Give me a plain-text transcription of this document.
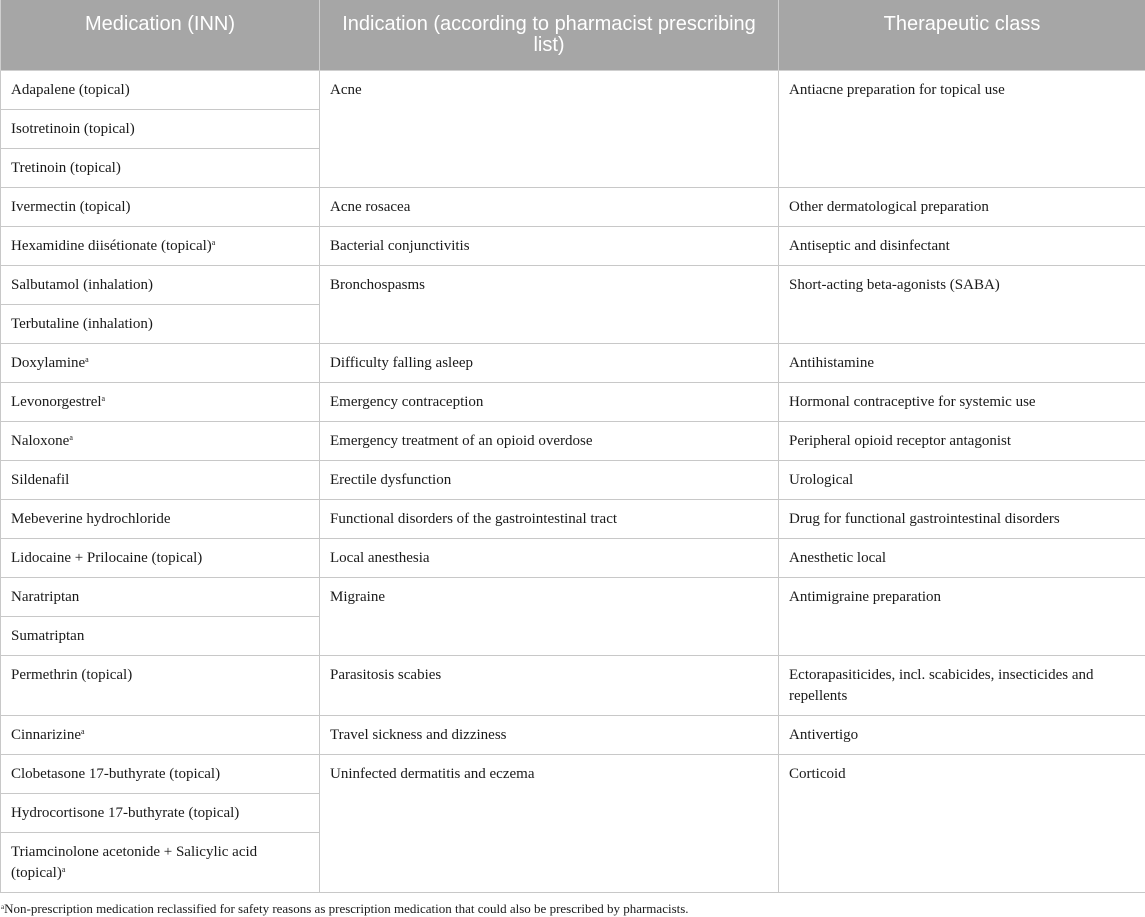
Medication (INN)	Indication (according to pharmacist prescribing list)	Therapeutic class

Adapalene (topical)	Acne	Antiacne preparation for topical use
Isotretinoin (topical)		
Tretinoin (topical)		
Ivermectin (topical)	Acne rosacea	Other dermatological preparation
Hexamidine diisétionate (topical)$^a$	Bacterial conjunctivitis	Antiseptic and disinfectant
Salbutamol (inhalation)	Bronchospasms	Short-acting beta-agonists (SABA)
Terbutaline (inhalation)		
Doxylamine$^a$	Difficulty falling asleep	Antihistamine
Levonorgestrel$^a$	Emergency contraception	Hormonal contraceptive for systemic use
Naloxone$^a$	Emergency treatment of an opioid overdose	Peripheral opioid receptor antagonist
Sildenafil	Erectile dysfunction	Urological
Mebeverine hydrochloride	Functional disorders of the gastrointestinal tract	Drug for functional gastrointestinal disorders
Lidocaine + Prilocaine (topical)	Local anesthesia	Anesthetic local
Naratriptan	Migraine	Antimigraine preparation
Sumatriptan		
Permethrin (topical)	Parasitosis scabies	Ectorapasiticides, incl. scabicides, insecticides and repellents
Cinnarizine$^a$	Travel sickness and dizziness	Antivertigo
Clobetasone 17-buthyrate (topical)	Uninfected dermatitis and eczema	Corticoid
Hydrocortisone 17-buthyrate (topical)		
Triamcinolone acetonide + Salicylic acid (topical)$^a$
$^a$Non-prescription medication reclassified for safety reasons as prescription medication that could also be prescribed by pharmacists.
